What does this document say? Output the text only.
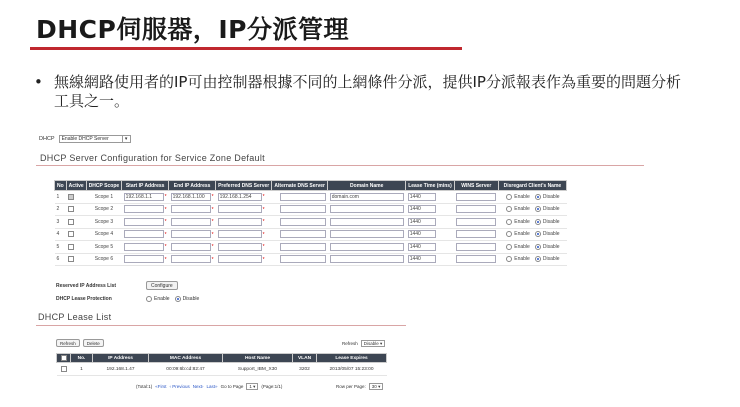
DHCP伺服器，IP分派管理
• 無線網路使用者的IP可由控制器根據不同的上網條件分派，提供IP分派報表作為重要的問題分析工具之一。
DHCP	Enable DHCP Server	▾
DHCP Server Configuration for Service Zone Default
No	Active	DHCP Scope	Start IP Address	End IP Address	Preferred DNS Server	Alternate DNS Server	Domain Name	Lease Time (mins)	WINS Server	Disregard Client's Name
1		Scope 1	192.168.1.1 *	192.168.1.100 *	192.168.1.254 *		domain.com	1440		Enable Disable
2		Scope 2	*	*	*			1440		Enable Disable
3		Scope 3	*	*	*			1440		Enable Disable
4		Scope 4	*	*	*			1440		Enable Disable
5		Scope 5	*	*	*			1440		Enable Disable
6		Scope 6	*	*	*			1440		Enable Disable
Reserved IP Address List	Configure
DHCP Lease Protection	Enable	Disable
DHCP Lease List
Refresh	Delete	Refresh	Disable ▾
	No.	IP Address	MAC Address	Host Name	VLAN	Lease Expires
	1	192.168.1.47	00:09:6b:cd:82:47	Support_IBM_X30	3202	2013/05/07 15:23:00
(Total:1) «First ‹ Previous Next› Last» Go to Page	1 ▾	(Page:1/1)	Row per Page:	30 ▾
